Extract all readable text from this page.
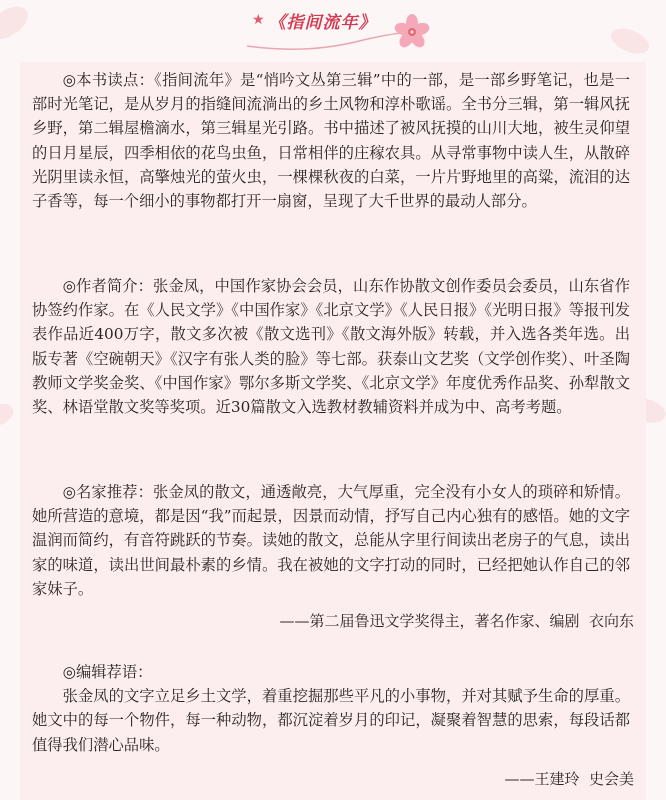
★ 《指间流年》

◎本书读点：《指间流年》是“悄吟文丛第三辑”中的一部，是一部乡野笔记，也是一部时光笔记，是从岁月的指缝间流淌出的乡土风物和淳朴歌谣。全书分三辑，第一辑风抚乡野，第二辑屋檐滴水，第三辑星光引路。书中描述了被风抚摸的山川大地，被生灵仰望的日月星辰，四季相依的花鸟虫鱼，日常相伴的庄稼农具。从寻常事物中读人生，从散碎光阴里读永恒，高擎烛光的萤火虫，一棵棵秋夜的白菜，一片片野地里的高粱，流泪的达子香等，每一个细小的事物都打开一扇窗，呈现了大千世界的最动人部分。

◎作者简介：张金凤，中国作家协会会员，山东作协散文创作委员会委员，山东省作协签约作家。在《人民文学》《中国作家》《北京文学》《人民日报》《光明日报》等报刊发表作品近400万字，散文多次被《散文选刊》《散文海外版》转载，并入选各类年选。出版专著《空碗朝天》《汉字有张人类的脸》等七部。获泰山文艺奖（文学创作奖）、叶圣陶教师文学奖金奖、《中国作家》鄂尔多斯文学奖、《北京文学》年度优秀作品奖、孙犁散文奖、林语堂散文奖等奖项。近30篇散文入选教材教辅资料并成为中、高考考题。

◎名家推荐：张金凤的散文，通透敞亮，大气厚重，完全没有小女人的琐碎和矫情。她所营造的意境，都是因“我”而起景，因景而动情，抒写自己内心独有的感悟。她的文字温润而简约，有音符跳跃的节奏。读她的散文，总能从字里行间读出老房子的气息，读出家的味道，读出世间最朴素的乡情。我在被她的文字打动的同时，已经把她认作自己的邻家妹子。

——第二届鲁迅文学奖得主，著名作家、编剧  衣向东

◎编辑荐语：

张金凤的文字立足乡土文学，着重挖掘那些平凡的小事物，并对其赋予生命的厚重。她文中的每一个物件，每一种动物，都沉淀着岁月的印记，凝聚着智慧的思索，每段话都值得我们潜心品味。

——王建玲  史会美
